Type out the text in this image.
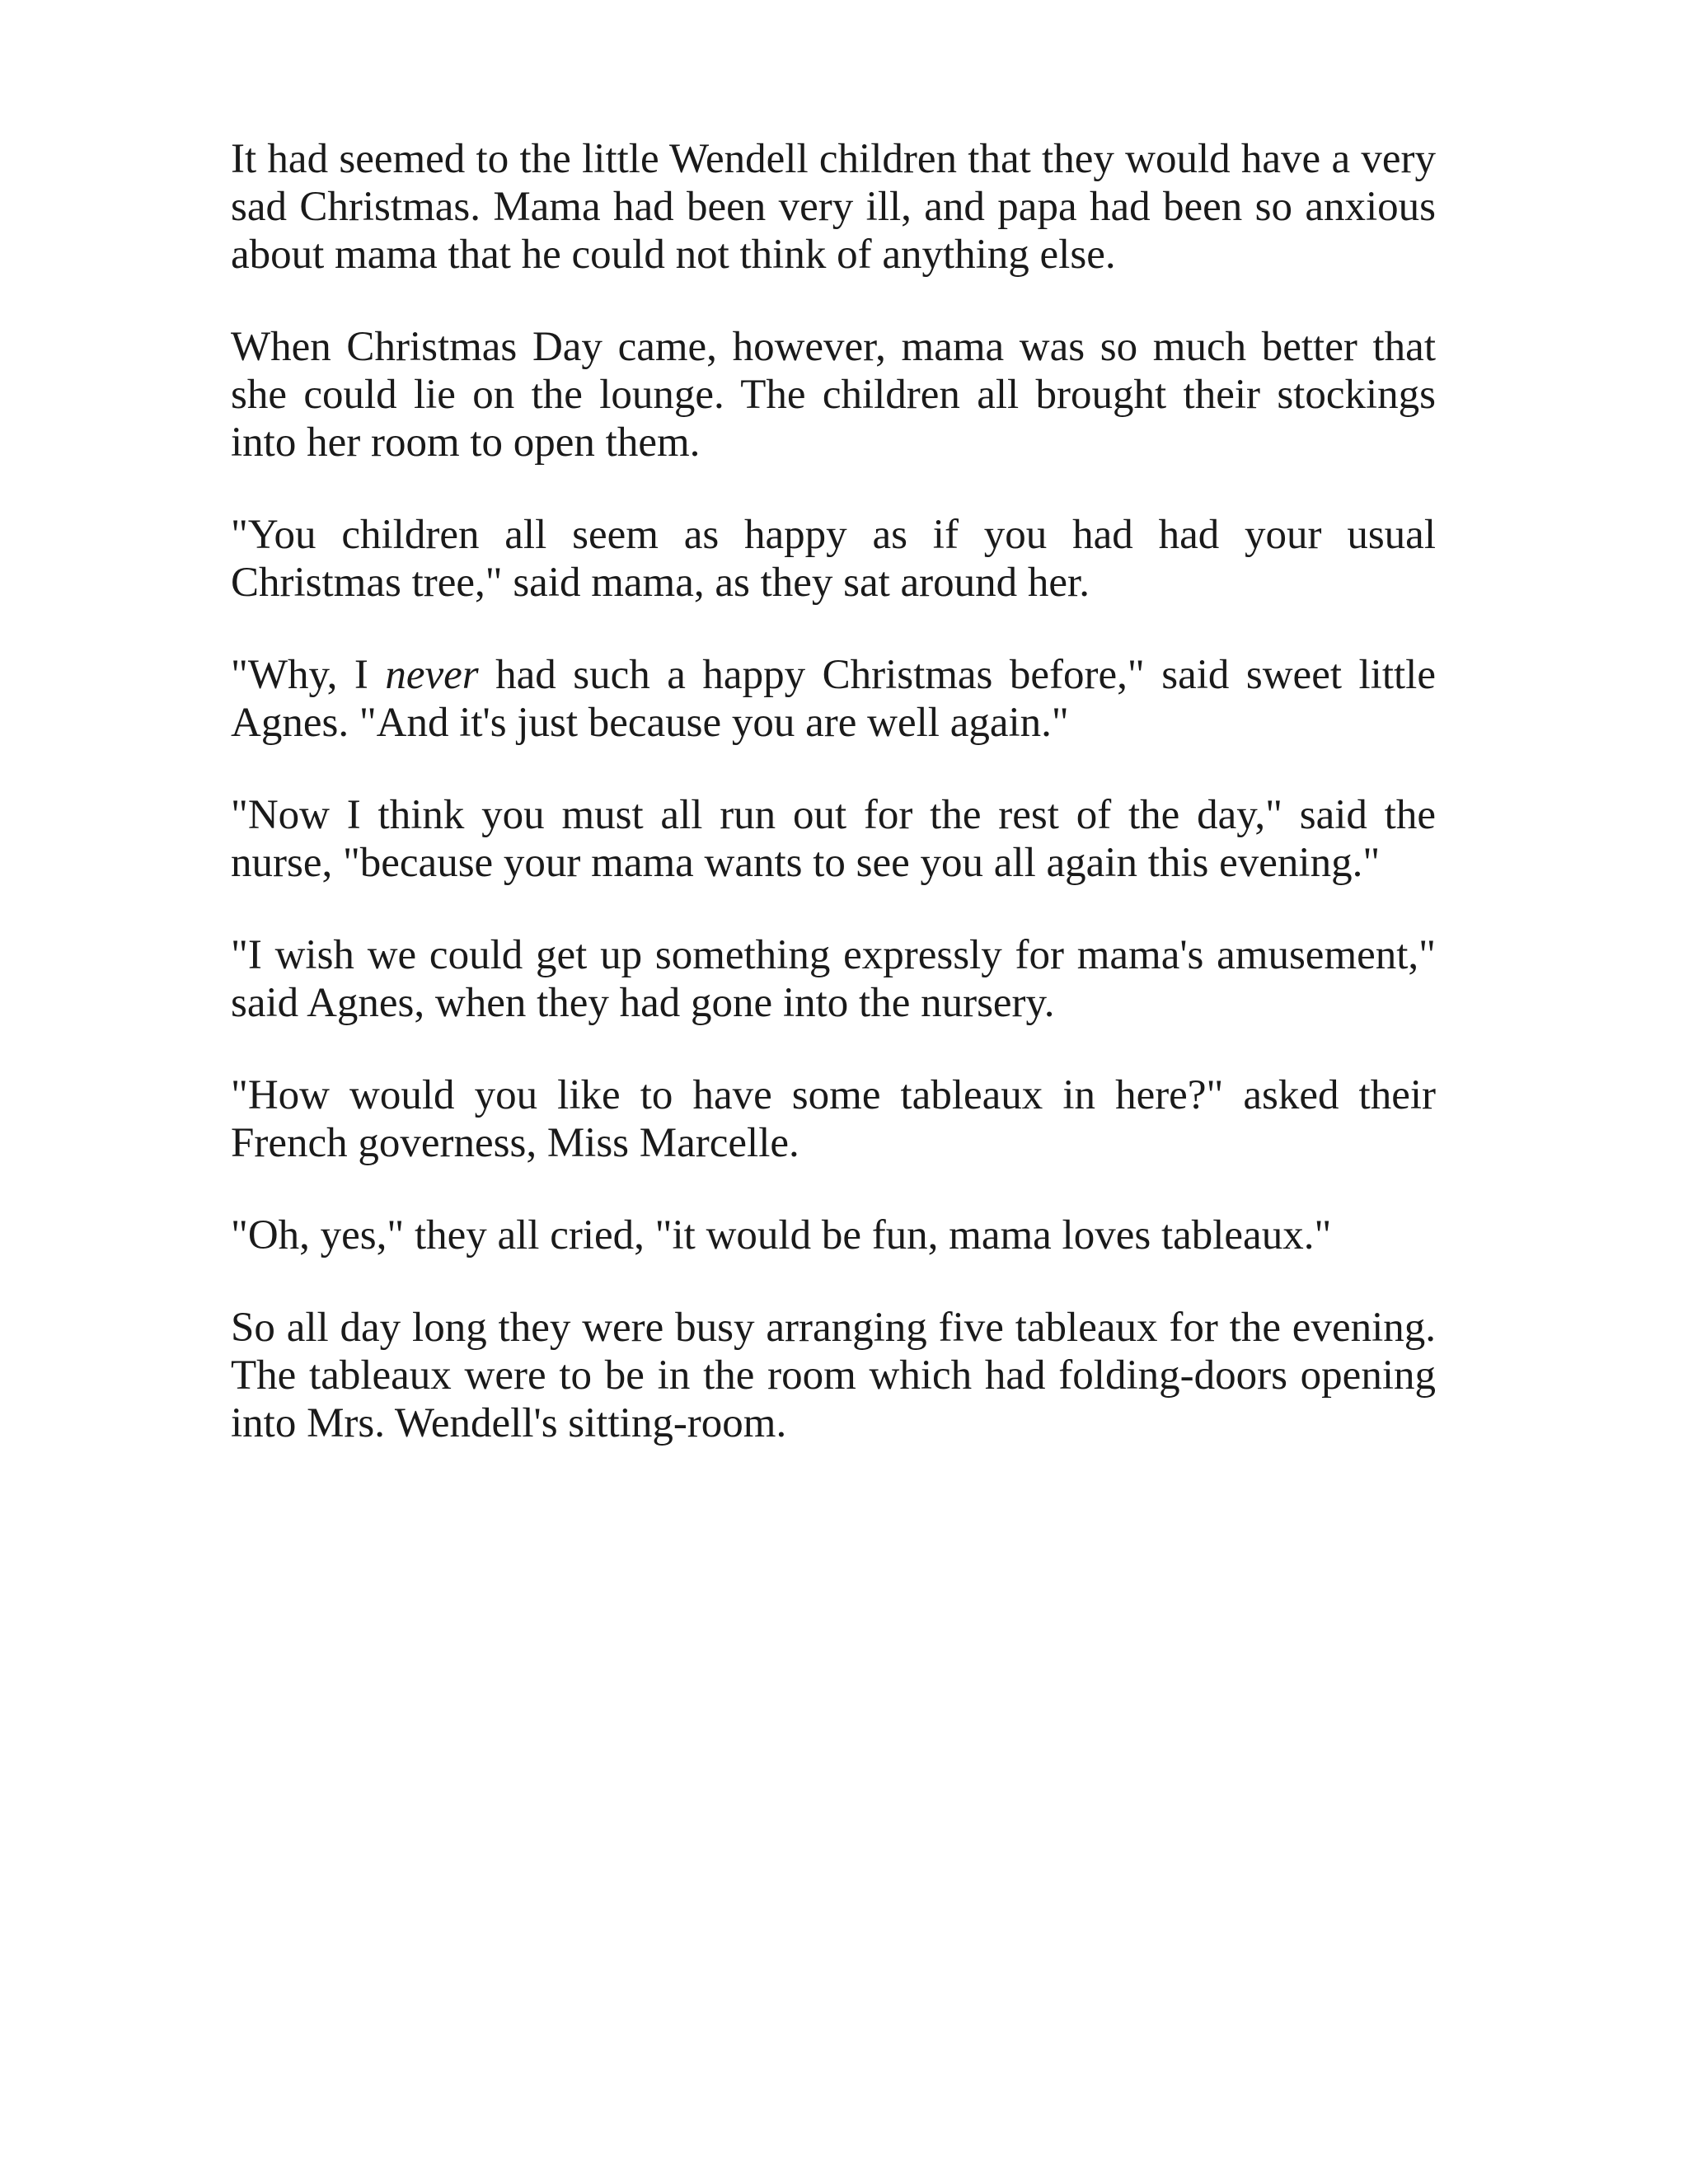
It had seemed to the little Wendell children that they would have a very sad Christmas. Mama had been very ill, and papa had been so anxious about mama that he could not think of anything else.

When Christmas Day came, however, mama was so much better that she could lie on the lounge. The children all brought their stockings into her room to open them.

"You children all seem as happy as if you had had your usual Christmas tree," said mama, as they sat around her.

"Why, I never had such a happy Christmas before," said sweet little Agnes. "And it's just because you are well again."

"Now I think you must all run out for the rest of the day," said the nurse, "because your mama wants to see you all again this evening."

"I wish we could get up something expressly for mama's amusement," said Agnes, when they had gone into the nursery.

"How would you like to have some tableaux in here?" asked their French governess, Miss Marcelle.

"Oh, yes," they all cried, "it would be fun, mama loves tableaux."

So all day long they were busy arranging five tableaux for the evening. The tableaux were to be in the room which had folding-doors opening into Mrs. Wendell's sitting-room.
